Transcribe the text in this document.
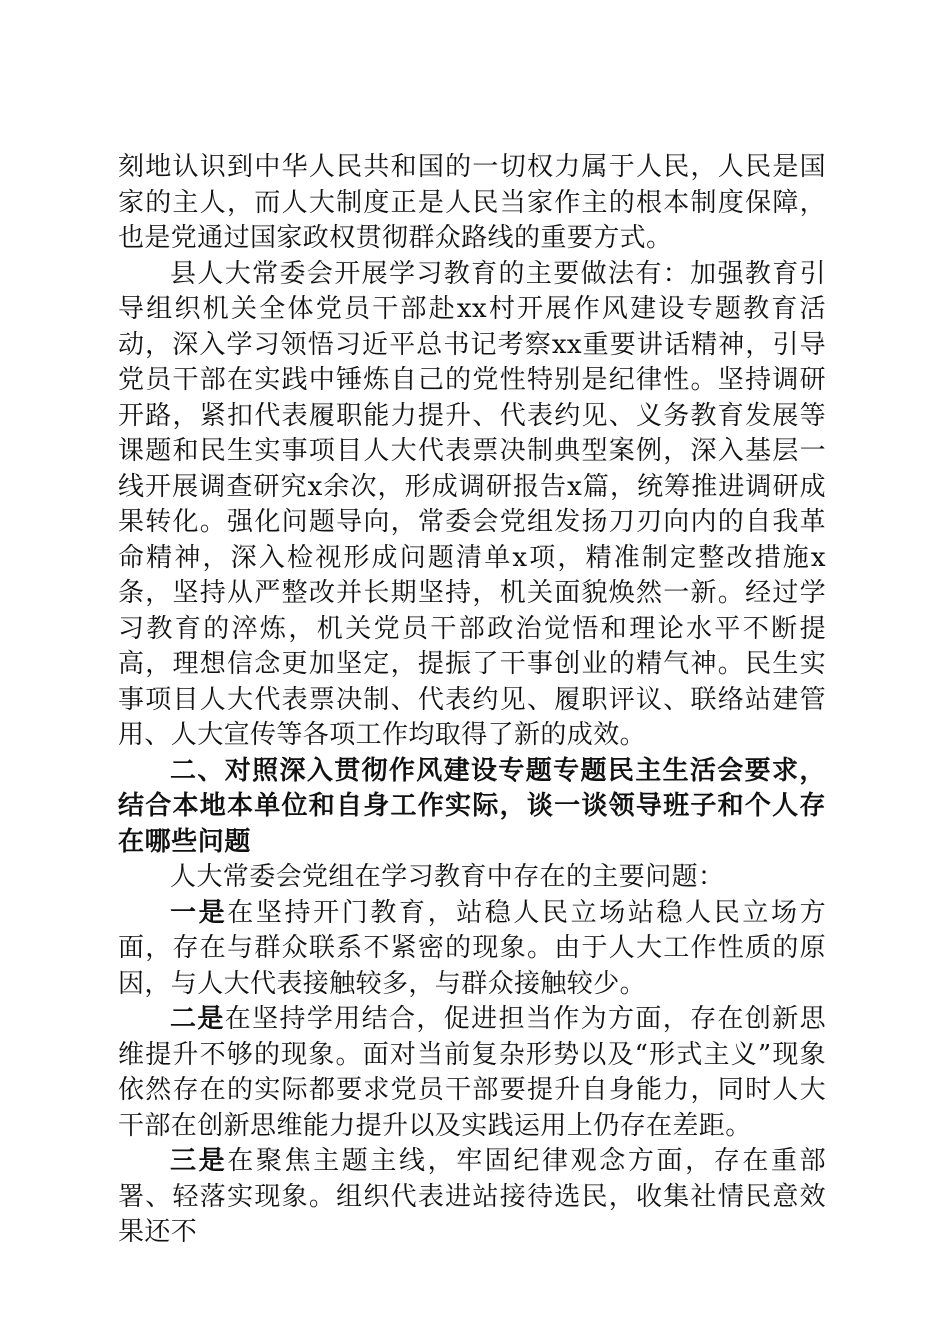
刻地认识到中华人民共和国的一切权力属于人民，人民是国家的主人，而人大制度正是人民当家作主的根本制度保障，也是党通过国家政权贯彻群众路线的重要方式。

县人大常委会开展学习教育的主要做法有：加强教育引导组织机关全体党员干部赴xx村开展作风建设专题教育活动，深入学习领悟习近平总书记考察xx重要讲话精神，引导党员干部在实践中锤炼自己的党性特别是纪律性。坚持调研开路，紧扣代表履职能力提升、代表约见、义务教育发展等课题和民生实事项目人大代表票决制典型案例，深入基层一线开展调查研究x余次，形成调研报告x篇，统筹推进调研成果转化。强化问题导向，常委会党组发扬刀刃向内的自我革命精神，深入检视形成问题清单x项，精准制定整改措施x条，坚持从严整改并长期坚持，机关面貌焕然一新。经过学习教育的淬炼，机关党员干部政治觉悟和理论水平不断提高，理想信念更加坚定，提振了干事创业的精气神。民生实事项目人大代表票决制、代表约见、履职评议、联络站建管用、人大宣传等各项工作均取得了新的成效。

二、对照深入贯彻作风建设专题专题民主生活会要求，结合本地本单位和自身工作实际，谈一谈领导班子和个人存在哪些问题

人大常委会党组在学习教育中存在的主要问题：

一是在坚持开门教育，站稳人民立场站稳人民立场方面，存在与群众联系不紧密的现象。由于人大工作性质的原因，与人大代表接触较多，与群众接触较少。

二是在坚持学用结合，促进担当作为方面，存在创新思维提升不够的现象。面对当前复杂形势以及“形式主义”现象依然存在的实际都要求党员干部要提升自身能力，同时人大干部在创新思维能力提升以及实践运用上仍存在差距。

三是在聚焦主题主线，牢固纪律观念方面，存在重部署、轻落实现象。组织代表进站接待选民，收集社情民意效果还不
